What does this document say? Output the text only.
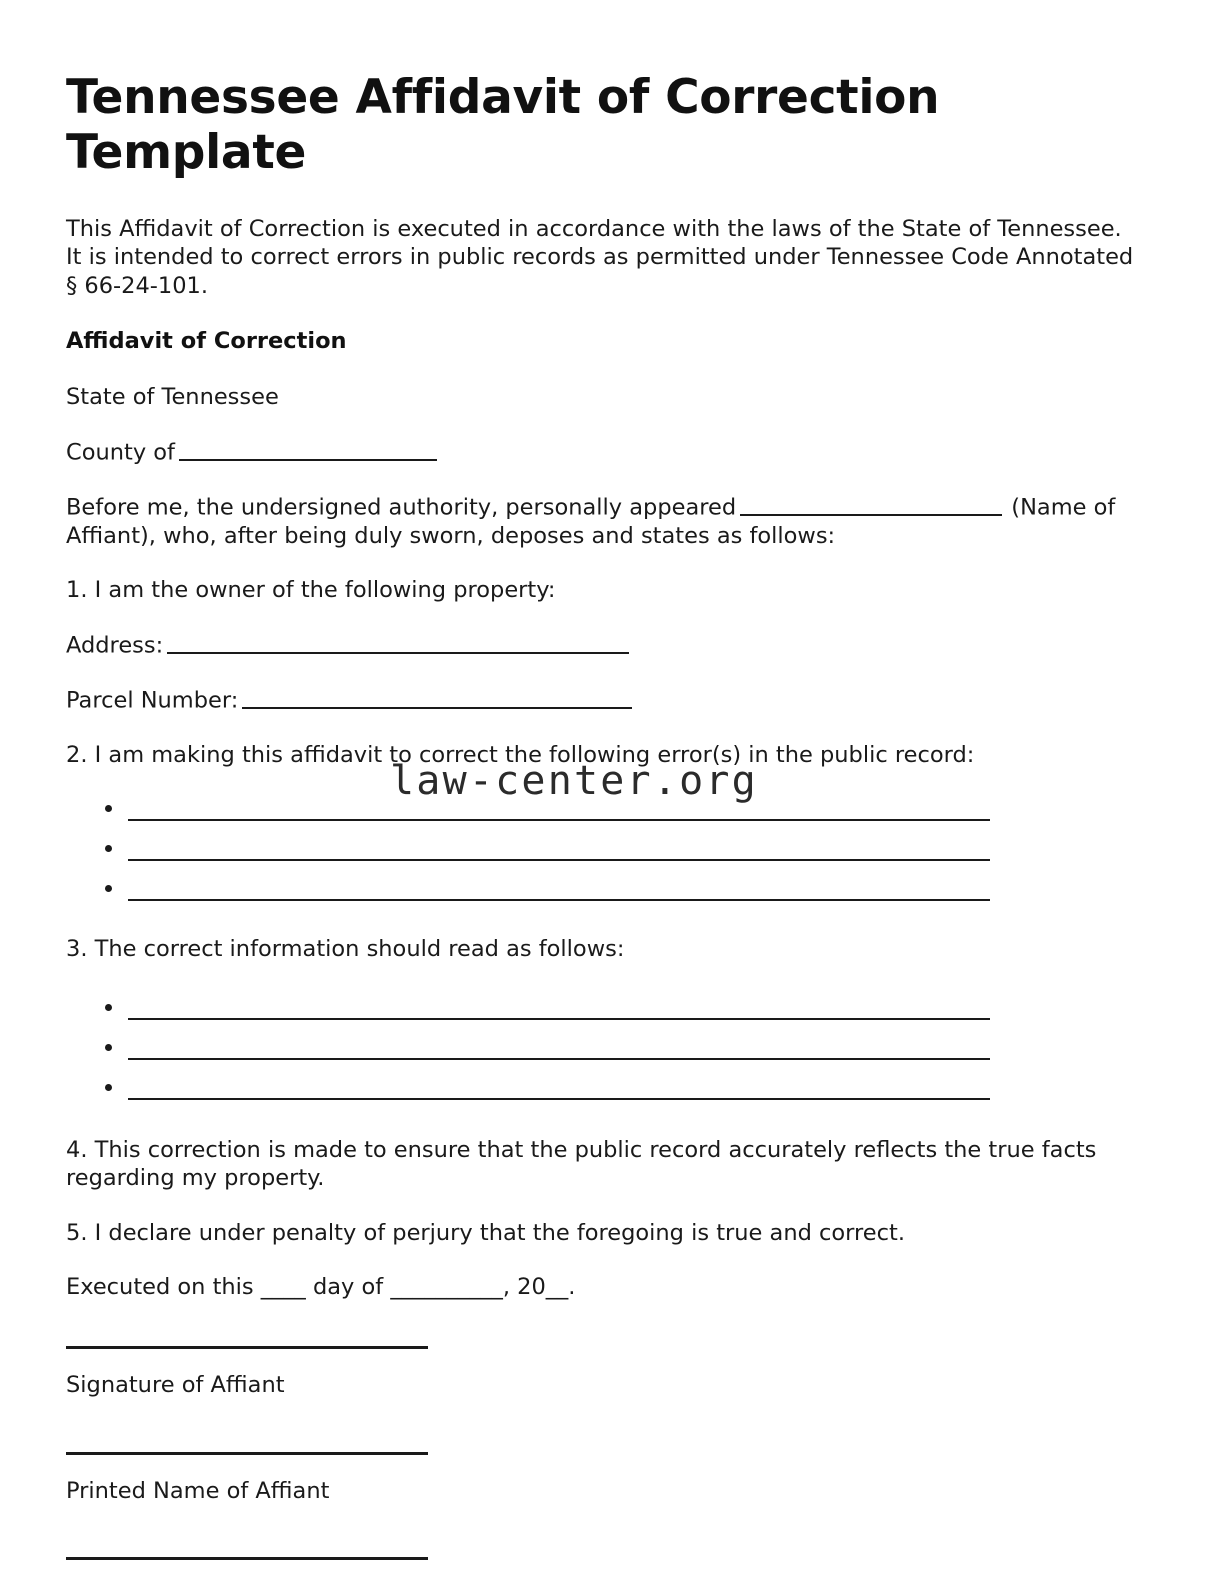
Tennessee Affidavit of Correction Template

This Affidavit of Correction is executed in accordance with the laws of the State of Tennessee. It is intended to correct errors in public records as permitted under Tennessee Code Annotated § 66-24-101.

Affidavit of Correction

State of Tennessee

County of

Before me, the undersigned authority, personally appeared	(Name of Affiant), who, after being duly sworn, deposes and states as follows:

1. I am the owner of the following property:

Address:

Parcel Number:

2. I am making this affidavit to correct the following error(s) in the public record:

3. The correct information should read as follows:

4. This correction is made to ensure that the public record accurately reflects the true facts regarding my property.

5. I declare under penalty of perjury that the foregoing is true and correct.

Executed on this ____ day of __________, 20__.

Signature of Affiant

Printed Name of Affiant

law-center.org
